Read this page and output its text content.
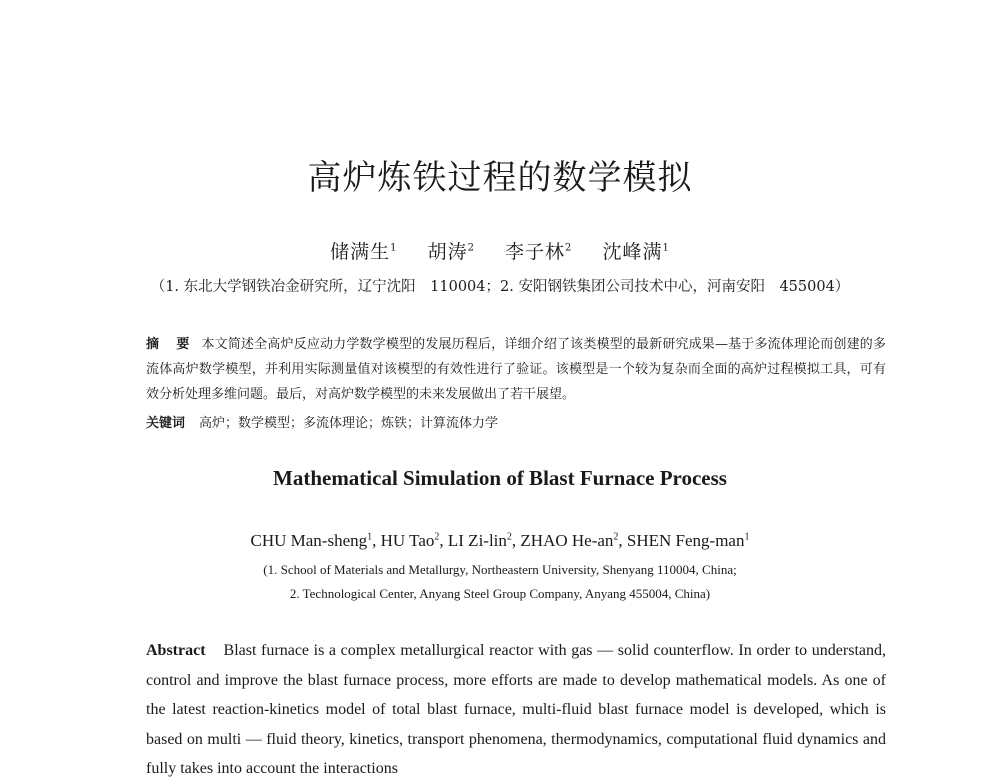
高炉炼铁过程的数学模拟
储满生$^1$ 胡涛$^2$ 李子林$^2$ 沈峰满$^1$
（1. 东北大学钢铁冶金研究所，辽宁沈阳　110004；2. 安阳钢铁集团公司技术中心，河南安阳　455004）
摘　要 本文简述全高炉反应动力学数学模型的发展历程后，详细介绍了该类模型的最新研究成果—基于多流体理论而创建的多流体高炉数学模型，并利用实际测量值对该模型的有效性进行了验证。该模型是一个较为复杂而全面的高炉过程模拟工具，可有效分析处理多维问题。最后，对高炉数学模型的未来发展做出了若干展望。
关键词 高炉；数学模型；多流体理论；炼铁；计算流体力学
Mathematical Simulation of Blast Furnace Process
CHU Man-sheng$^1$, HU Tao$^2$, LI Zi-lin$^2$, ZHAO $He-an^2$, SHEN Feng-man$^1$
(1. School of Materials and Metallurgy, Northeastern University, Shenyang 110004, China;
2. Technological Center, Anyang Steel Group Company, Anyang 455004, China)
Abstract Blast furnace is a complex metallurgical reactor with gas — solid counterflow. In order to understand, control and improve the blast furnace process, more efforts are made to develop mathematical models. As one of the latest reaction-kinetics model of total blast furnace, multi-fluid blast furnace model is developed, which is based on multi — fluid theory, kinetics, transport phenomena, thermodynamics, computational fluid dynamics and fully takes into account the interactions
